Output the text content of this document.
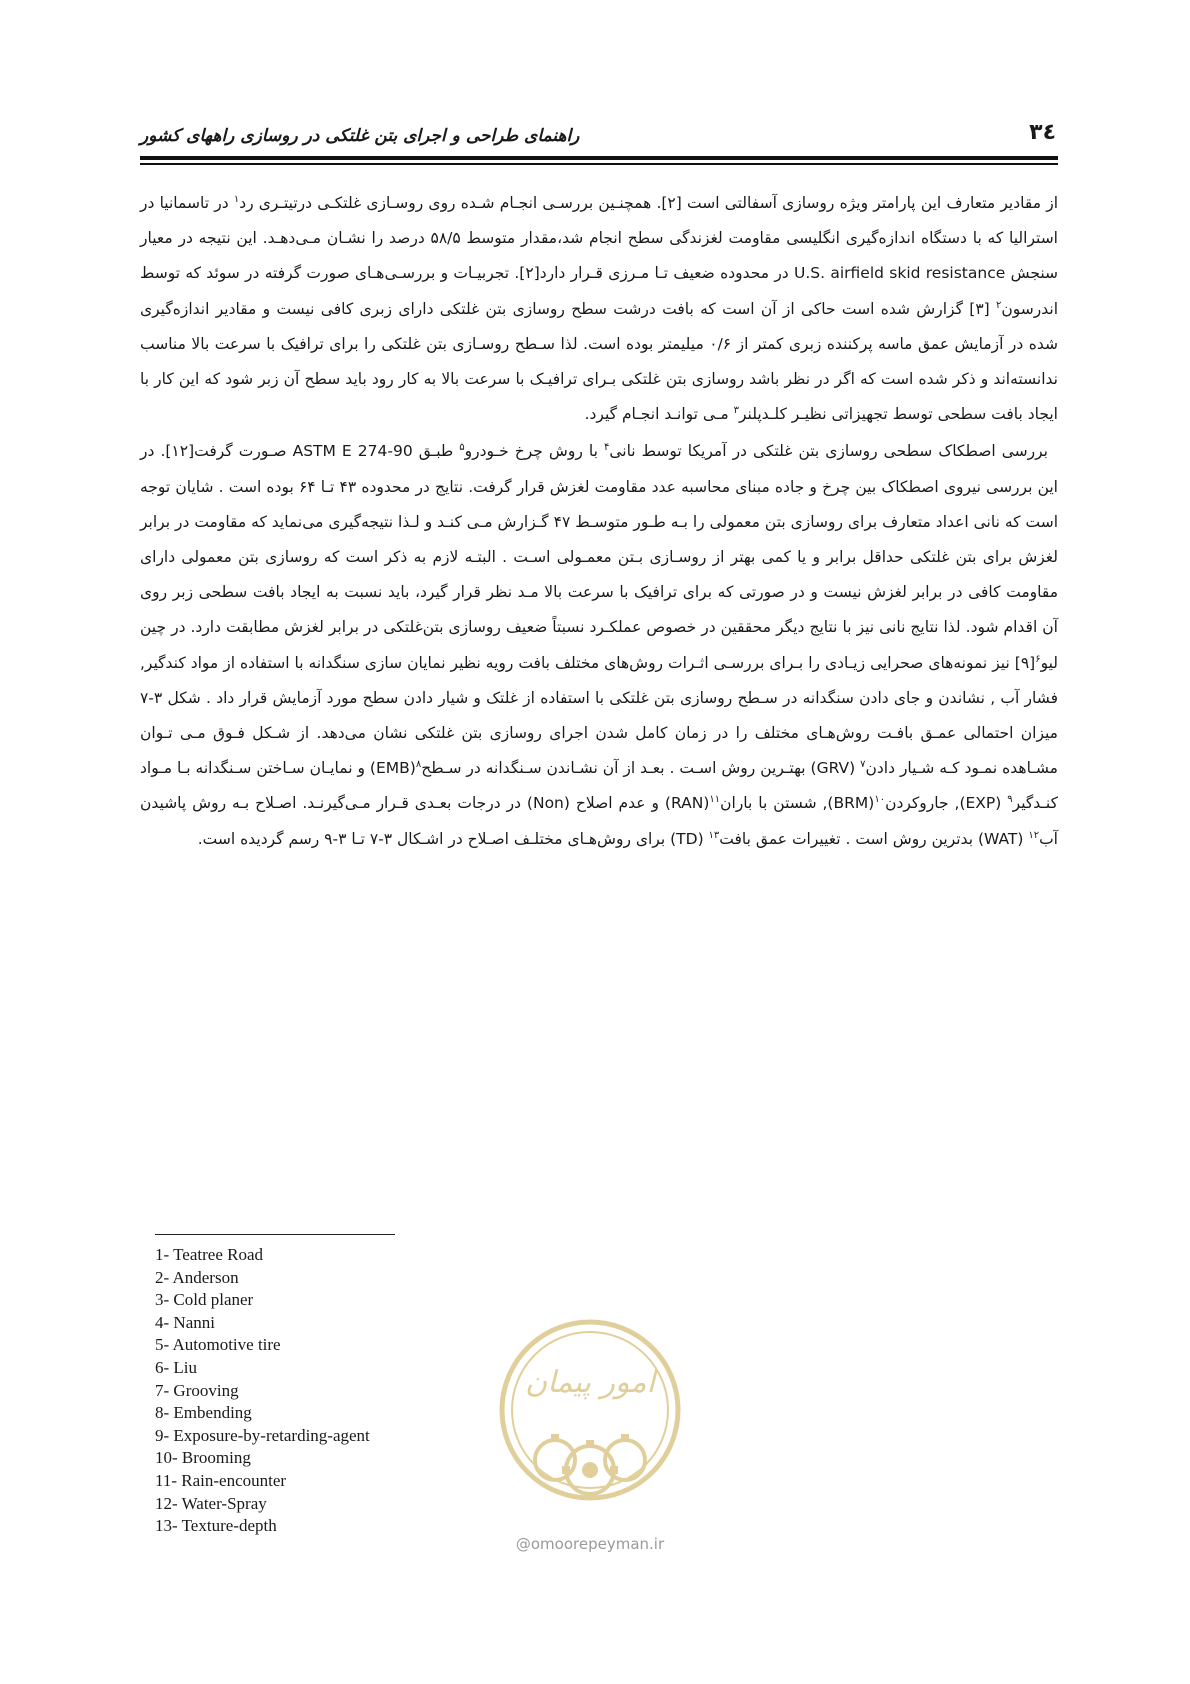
راهنمای طراحی و اجرای بتن غلتکی در روسازی راههای کشور	۳٤

از مقادیر متعارف این پارامتر ویژه روسازی آسفالتی است [۲]. همچنـین بررسـی انجـام شـده روی روسـازی غلتکـی درتیتـری رد$^۱$ در تاسمانیا در استرالیا که با دستگاه اندازه‌گیری انگلیسی مقاومت لغزندگی سطح انجام شد،مقدار متوسط ۵۸/۵ درصد را نشـان مـی‌دهـد. این نتیجه در معیار سنجش U.S. airfield skid resistance در محدوده ضعیف تـا مـرزی قـرار دارد[۲]. تجربیـات و بررسـی‌هـای صورت گرفته در سوئد که توسط اندرسون$^۲$ [۳] گزارش شده است حاکی از آن است که بافت درشت سطح روسازی بتن غلتکی دارای زبری کافی نیست و مقادیر اندازه‌گیری شده در آزمایش عمق ماسه پرکننده زبری کمتر از ۰/۶ میلیمتر بوده است. لذا سـطح روسـازی بتن غلتکی را برای ترافیک با سرعت بالا مناسب ندانسته‌اند و ذکر شده است که اگر در نظر باشد روسازی بتن غلتکی بـرای ترافیـک با سرعت بالا به کار رود باید سطح آن زبر شود که این کار با ایجاد بافت سطحی توسط تجهیزاتی نظیـر کلـدپلنر$^۳$ مـی توانـد انجـام گیرد.

بررسی اصطکاک سطحی روسازی بتن غلتکی در آمریکا توسط نانی$^۴$ با روش چرخ خـودرو$^۵$ طبـق ASTM E 274-90 صـورت گرفت[۱۲]. در این بررسی نیروی اصطکاک بین چرخ و جاده مبنای محاسبه عدد مقاومت لغزش قرار گرفت. نتایج در محدوده ۴۳ تـا ۶۴ بوده است . شایان توجه است که نانی اعداد متعارف برای روسازی بتن معمولی را بـه طـور متوسـط ۴۷ گـزارش مـی کنـد و لـذا نتیجه‌گیری می‌نماید که مقاومت در برابر لغزش برای بتن غلتکی حداقل برابر و یا کمی بهتر از روسـازی بـتن معمـولی اسـت . البتـه لازم به ذکر است که روسازی بتن معمولی دارای مقاومت کافی در برابر لغزش نیست و در صورتی که برای ترافیک با سرعت بالا مـد نظر قرار گیرد، باید نسبت به ایجاد بافت سطحی زبر روی آن اقدام شود. لذا نتایج نانی نیز با نتایج دیگر محققین در خصوص عملکـرد نسبتاً ضعیف روسازی بتن‌غلتکی در برابر لغزش مطابقت دارد. در چین لیو$^۶$[۹] نیز نمونه‌های صحرایی زیـادی را بـرای بررسـی اثـرات روش‌های مختلف بافت رویه نظیر نمایان سازی سنگدانه با استفاده از مواد کندگیر, فشار آب , نشاندن و جای دادن سنگدانه در سـطح روسازی بتن غلتکی با استفاده از غلتک و شیار دادن سطح مورد آزمایش قرار داد . شکل ۳-۷ میزان احتمالی عمـق بافـت روش‌هـای مختلف را در زمان کامل شدن اجرای روسازی بتن غلتکی نشان می‌دهد. از شـکل فـوق مـی تـوان مشـاهده نمـود کـه شـیار دادن$^۷$ (GRV) بهتـرین روش اسـت . بعـد از آن نشـاندن سـنگدانه در سـطح$^۸$(EMB) و نمایـان سـاختن سـنگدانه بـا مـواد کنـدگیر$^۹$ (EXP), جاروکردن$^{۱۰}$(BRM), شستن با باران$^{۱۱}$(RAN) و عدم اصلاح (Non) در درجات بعـدی قـرار مـی‌گیرنـد. اصـلاح بـه روش پاشیدن آب$^{۱۲}$ (WAT) بدترین روش است . تغییرات عمق بافت$^{۱۳}$ (TD) برای روش‌هـای مختلـف اصـلاح در اشـکال ۳-۷ تـا ۳-۹ رسم گردیده است.

1- Teatree Road
2- Anderson
3- Cold planer
4- Nanni
5- Automotive tire
6- Liu
7- Grooving
8- Embending
9- Exposure-by-retarding-agent
10- Brooming
11- Rain-encounter
12- Water-Spray
13- Texture-depth
امور پیمان
@omoorepeyman.ir
